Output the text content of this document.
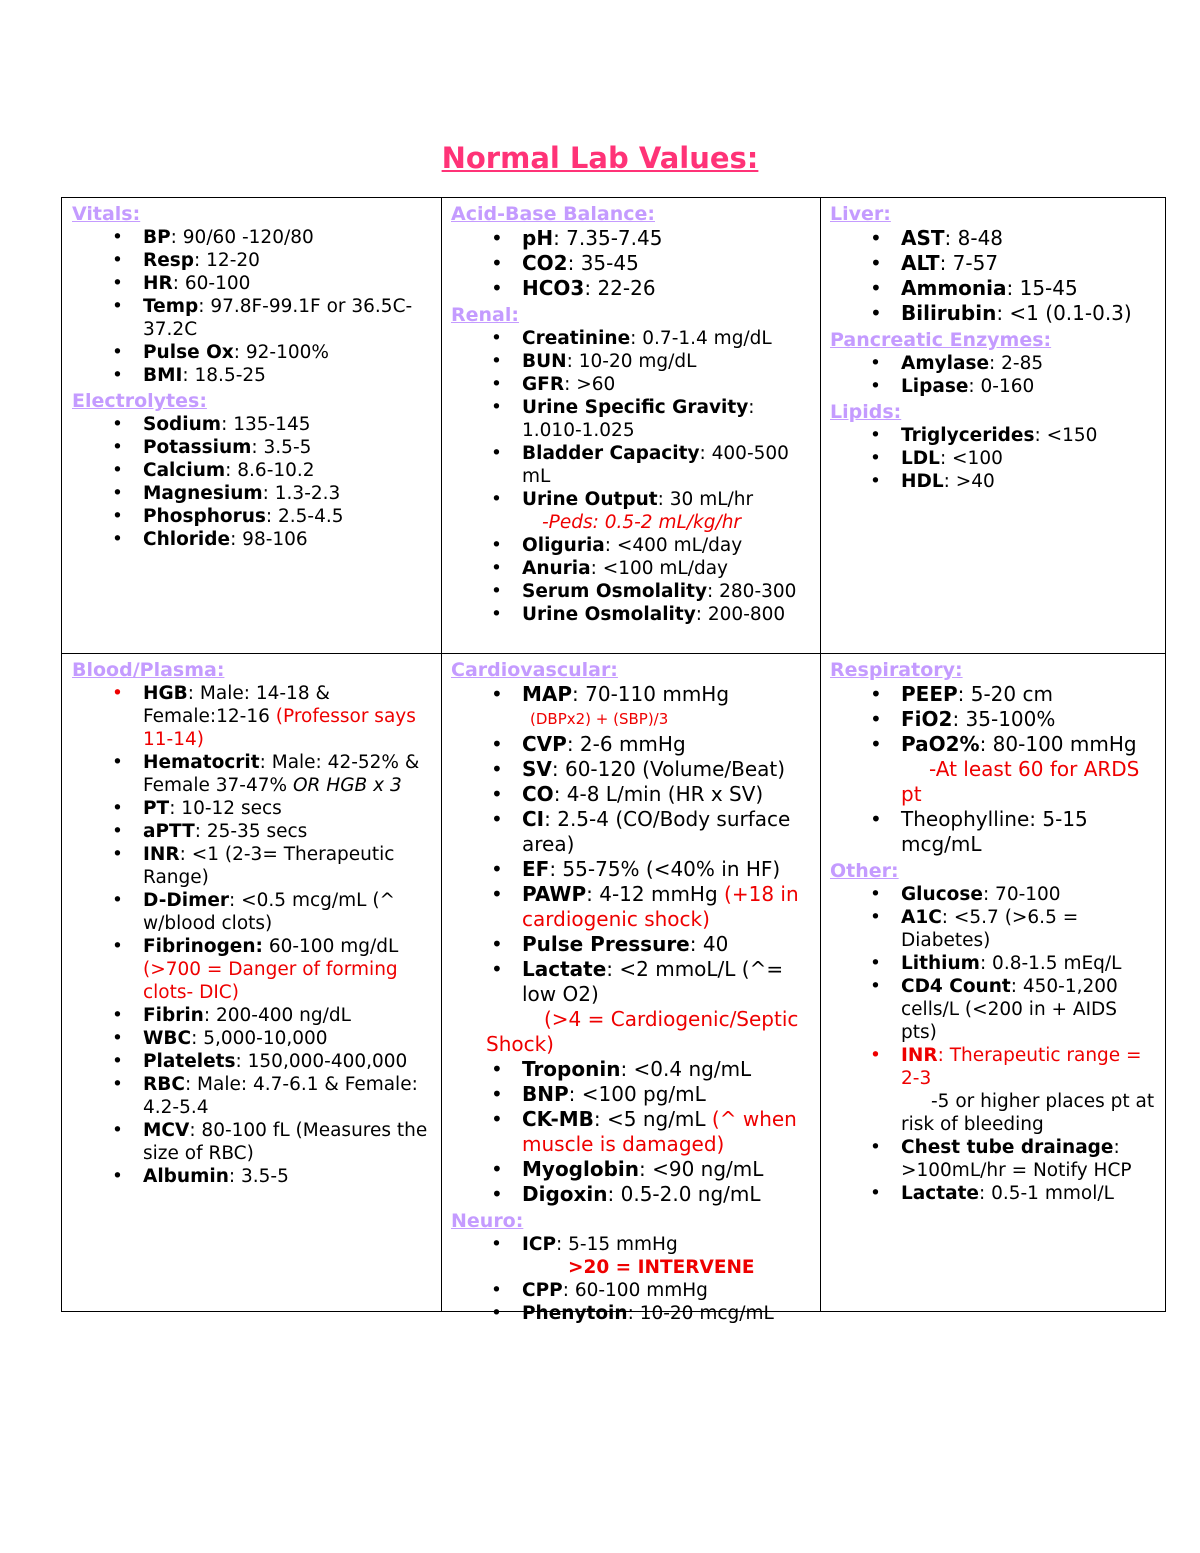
Normal Lab Values:
Vitals:
• BP: 90/60 -120/80
• Resp: 12-20
• HR: 60-100
• Temp: 97.8F-99.1F or 36.5C-37.2C
• Pulse Ox: 92-100%
• BMI: 18.5-25
Electrolytes:
• Sodium: 135-145
• Potassium: 3.5-5
• Calcium: 8.6-10.2
• Magnesium: 1.3-2.3
• Phosphorus: 2.5-4.5
• Chloride: 98-106
Acid-Base Balance:
• pH: 7.35-7.45
• CO2: 35-45
• HCO3: 22-26
Renal:
• Creatinine: 0.7-1.4 mg/dL
• BUN: 10-20 mg/dL
• GFR: >60
• Urine Specific Gravity: 1.010-1.025
• Bladder Capacity: 400-500 mL
• Urine Output: 30 mL/hr
-Peds: 0.5-2 mL/kg/hr
• Oliguria: <400 mL/day
• Anuria: <100 mL/day
• Serum Osmolality: 280-300
• Urine Osmolality: 200-800
Liver:
• AST: 8-48
• ALT: 7-57
• Ammonia: 15-45
• Bilirubin: <1 (0.1-0.3)
Pancreatic Enzymes:
• Amylase: 2-85
• Lipase: 0-160
Lipids:
• Triglycerides: <150
• LDL: <100
• HDL: >40
Blood/Plasma:
• HGB: Male: 14-18 & Female:12-16 (Professor says 11-14)
• Hematocrit: Male: 42-52% & Female 37-47% OR HGB x 3
• PT: 10-12 secs
• aPTT: 25-35 secs
• INR: <1 (2-3= Therapeutic Range)
• D-Dimer: <0.5 mcg/mL (^ w/blood clots)
• Fibrinogen: 60-100 mg/dL (>700 = Danger of forming clots- DIC)
• Fibrin: 200-400 ng/dL
• WBC: 5,000-10,000
• Platelets: 150,000-400,000
• RBC: Male: 4.7-6.1 & Female: 4.2-5.4
• MCV: 80-100 fL (Measures the size of RBC)
• Albumin: 3.5-5
Cardiovascular:
• MAP: 70-110 mmHg
(DBPx2) + (SBP)/3
• CVP: 2-6 mmHg
• SV: 60-120 (Volume/Beat)
• CO: 4-8 L/min (HR x SV)
• CI: 2.5-4 (CO/Body surface area)
• EF: 55-75% (<40% in HF)
• PAWP: 4-12 mmHg (+18 in cardiogenic shock)
• Pulse Pressure: 40
• Lactate: <2 mmoL/L (^= low O2)
(>4 = Cardiogenic/Septic Shock)
• Troponin: <0.4 ng/mL
• BNP: <100 pg/mL
• CK-MB: <5 ng/mL (^ when muscle is damaged)
• Myoglobin: <90 ng/mL
• Digoxin: 0.5-2.0 ng/mL
Neuro:
• ICP: 5-15 mmHg
>20 = INTERVENE
• CPP: 60-100 mmHg
• Phenytoin: 10-20 mcg/mL
Respiratory:
• PEEP: 5-20 cm
• FiO2: 35-100%
• PaO2%: 80-100 mmHg
-At least 60 for ARDS pt
• Theophylline: 5-15 mcg/mL
Other:
• Glucose: 70-100
• A1C: <5.7 (>6.5 = Diabetes)
• Lithium: 0.8-1.5 mEq/L
• CD4 Count: 450-1,200 cells/L (<200 in + AIDS pts)
• INR: Therapeutic range = 2-3
-5 or higher places pt at risk of bleeding
• Chest tube drainage: >100mL/hr = Notify HCP
• Lactate: 0.5-1 mmol/L
